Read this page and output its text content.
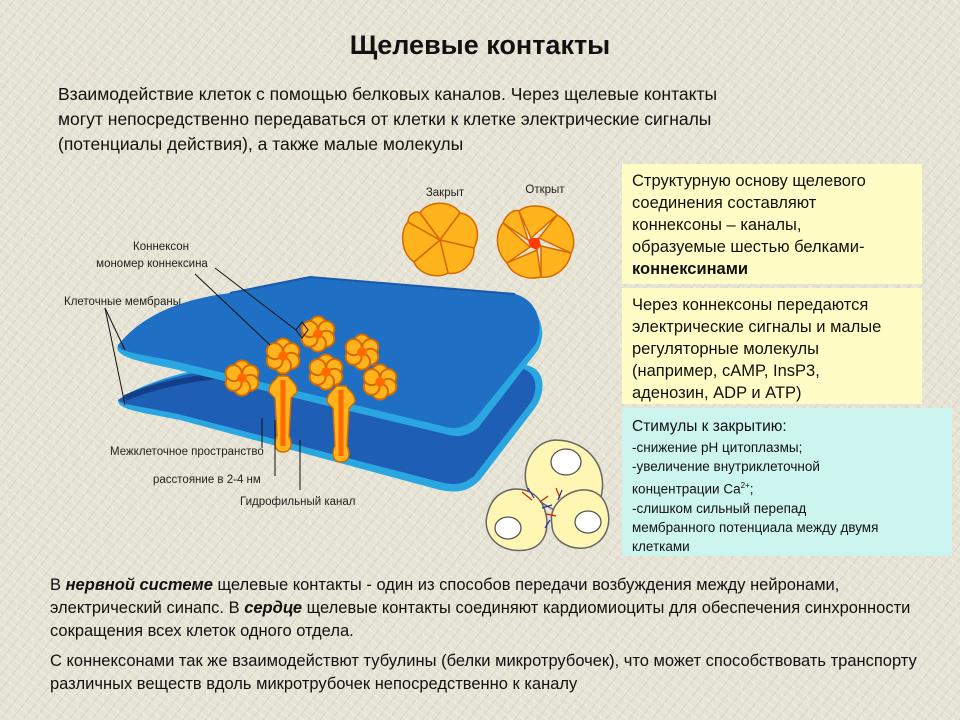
Щелевые контакты

Взаимодействие клеток с помощью белковых каналов. Через щелевые контакты
могут непосредственно передаваться от клетки к клетке электрические сигналы
(потенциалы действия), а также малые молекулы

Закрыт	Открыт
Коннексон
мономер коннексина
Клеточные мембраны
Межклеточное пространство
расстояние в 2-4 нм
Гидрофильный канал
Структурную основу щелевого
соединения составляют
коннексоны – каналы,
образуемые шестью белками-
коннексинами
Через коннексоны передаются
электрические сигналы и малые
регуляторные молекулы
(например, cAMP, InsP3,
аденозин, ADP и ATP)
Стимулы к закрытию:
-снижение pH цитоплазмы;
-увеличение внутриклеточной
концентрации $Ca^{2+}$;
-слишком сильный перепад
мембранного потенциала между двумя
клетками

В нервной системе щелевые контакты - один из способов передачи возбуждения между нейронами, электрический синапс. В сердце щелевые контакты соединяют кардиомиоциты для обеспечения синхронности сокращения всех клеток одного отдела.

С коннексонами так же взаимодействют тубулины (белки микротрубочек), что может способствовать транспорту различных веществ вдоль микротрубочек непосредственно к каналу
